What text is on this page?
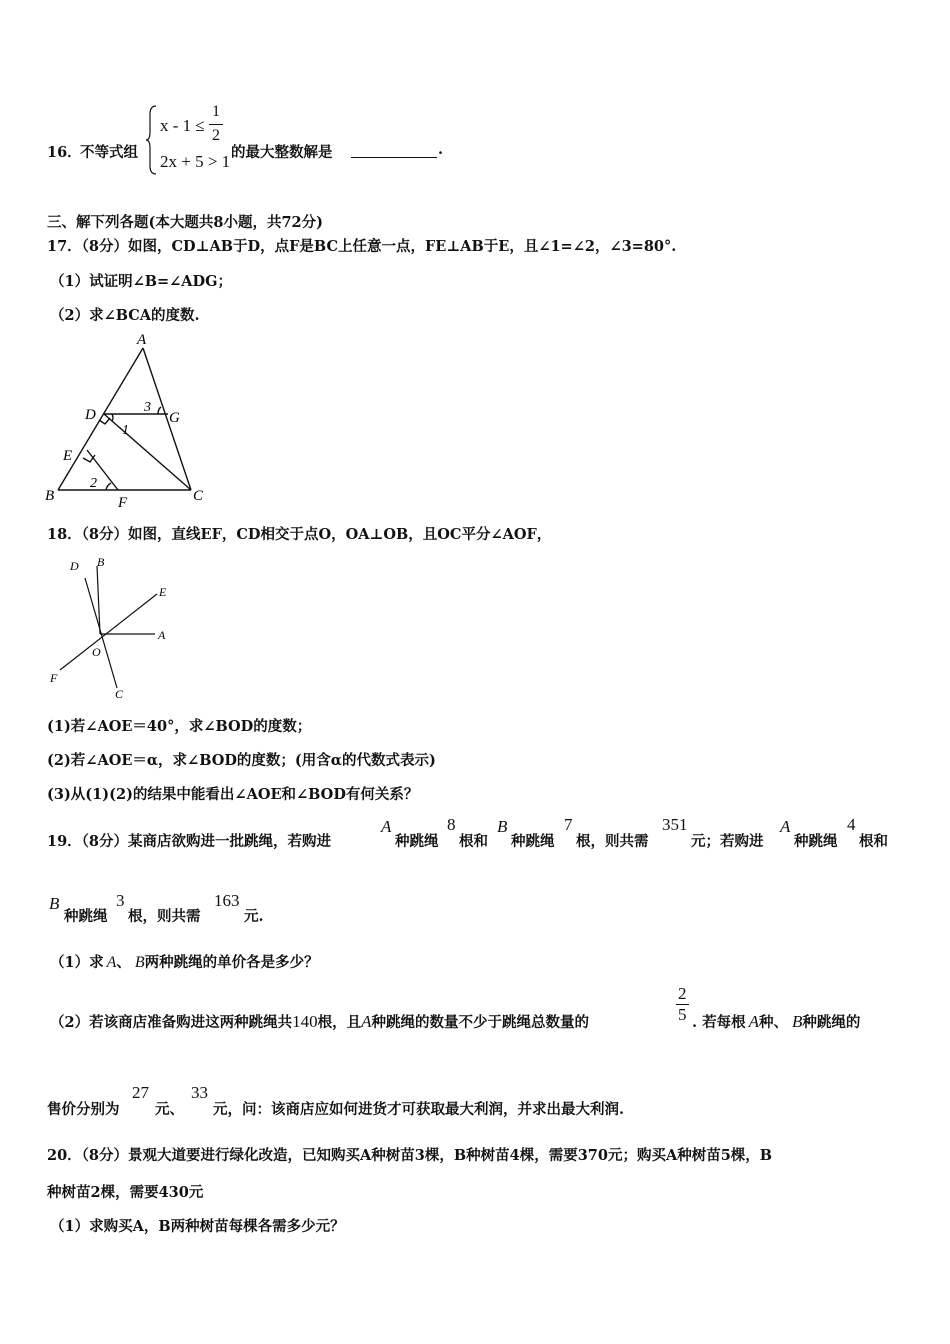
16．
不等式组
x - 1 ≤
1
2
2x + 5 > 1 的最大整数解是	.
三、解下列各题(本大题共8小题，共72分)
17．（8分）如图，CD⊥AB于D，点F是BC上任意一点，FE⊥AB于E，且∠1=∠2，∠3=80°.
（1）试证明∠B=∠ADG；
（2）求∠BCA的度数.
A
D	G
3
1
E
2
B	F	C
18．（8分）如图，直线EF，CD相交于点O，OA⊥OB，且OC平分∠AOF，
D B
E
A
O
F
C
(1)若∠AOE＝40°，求∠BOD的度数；
(2)若∠AOE＝α，求∠BOD的度数；(用含α的代数式表示)
(3)从(1)(2)的结果中能看出∠AOE和∠BOD有何关系？
19．（8分）某商店欲购进一批跳绳，若购进
A
种跳绳
8
根和
B
种跳绳
7
根，则共需
351
元；若购进
A
种跳绳
4
根和
B
种跳绳
3
根，则共需
163
元.
（1）求 A、 B两种跳绳的单价各是多少？
（2）若该商店准备购进这两种跳绳共140根，且A种跳绳的数量不少于跳绳总数量的	$\frac{2}{5}$ . 若每根 A种、 B种跳绳的
售价分别为
27
元、
33
元，问：该商店应如何进货才可获取最大利润，并求出最大利润.
20．（8分）景观大道要进行绿化改造，已知购买A种树苗3棵，B种树苗4棵，需要370元；购买A种树苗5棵，B
种树苗2棵，需要430元
（1）求购买A，B两种树苗每棵各需多少元？
